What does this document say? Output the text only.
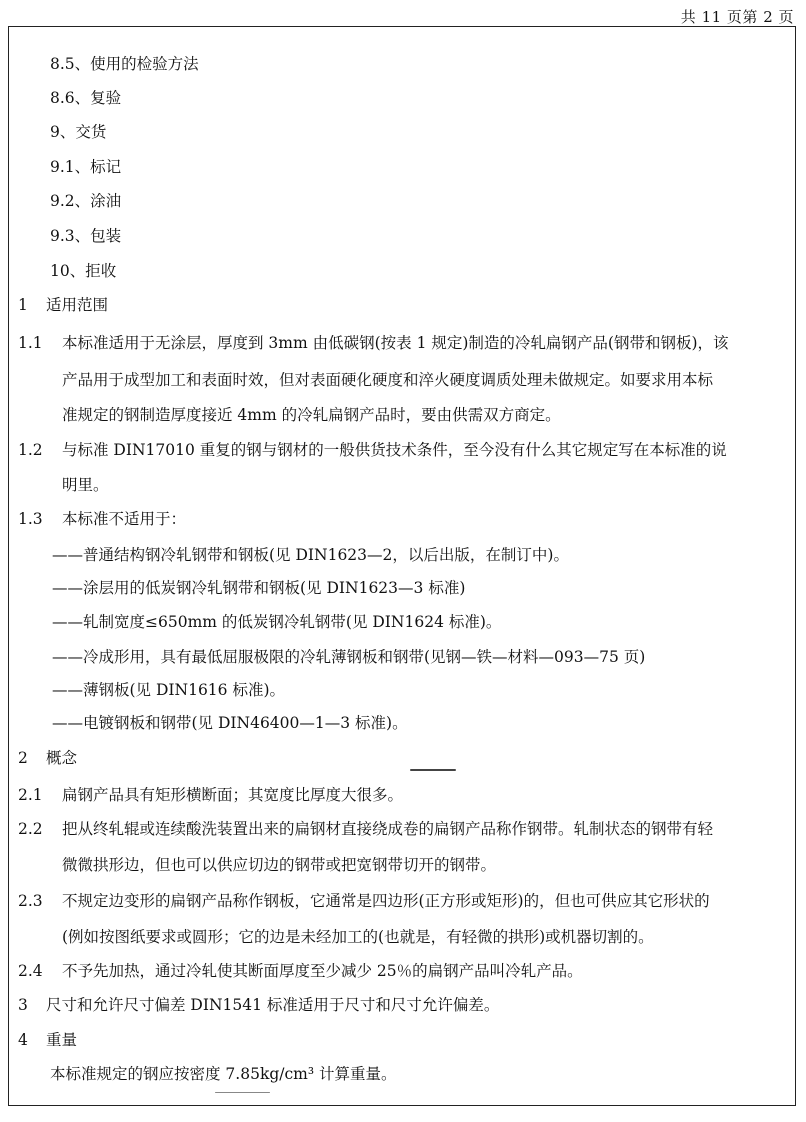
共 11 页第 2 页
8.5、使用的检验方法
8.6、复验
9、交货
9.1、标记
9.2、涂油
9.3、包装
10、拒收
1 适用范围
1.1 本标准适用于无涂层，厚度到 3mm 由低碳钢(按表 1 规定)制造的冷轧扁钢产品(钢带和钢板)，该
产品用于成型加工和表面时效，但对表面硬化硬度和淬火硬度调质处理未做规定。如要求用本标
准规定的钢制造厚度接近 4mm 的冷轧扁钢产品时，要由供需双方商定。
1.2 与标准 DIN17010 重复的钢与钢材的一般供货技术条件，至今没有什么其它规定写在本标准的说
明里。
1.3 本标准不适用于：
——普通结构钢冷轧钢带和钢板(见 DIN1623—2，以后出版，在制订中)。
——涂层用的低炭钢冷轧钢带和钢板(见 DIN1623—3 标准)
——轧制宽度≤650mm 的低炭钢冷轧钢带(见 DIN1624 标准)。
——冷成形用，具有最低屈服极限的冷轧薄钢板和钢带(见钢—铁—材料—093—75 页)
——薄钢板(见 DIN1616 标准)。
——电镀钢板和钢带(见 DIN46400—1—3 标准)。
2 概念
2.1 扁钢产品具有矩形横断面；其宽度比厚度大很多。
2.2 把从终轧辊或连续酸洗装置出来的扁钢材直接绕成卷的扁钢产品称作钢带。轧制状态的钢带有轻
微微拱形边，但也可以供应切边的钢带或把宽钢带切开的钢带。
2.3 不规定边变形的扁钢产品称作钢板，它通常是四边形(正方形或矩形)的，但也可供应其它形状的
(例如按图纸要求或圆形；它的边是未经加工的(也就是，有轻微的拱形)或机器切割的。
2.4 不予先加热，通过冷轧使其断面厚度至少减少 25％的扁钢产品叫冷轧产品。
3 尺寸和允许尺寸偏差 DIN1541 标准适用于尺寸和尺寸允许偏差。
4 重量
本标准规定的钢应按密度 7.85kg/cm³ 计算重量。
